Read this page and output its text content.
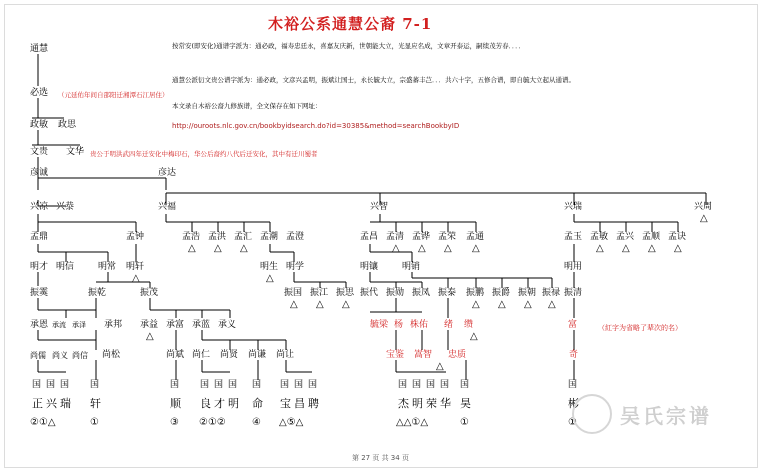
木裕公系通慧公裔 7-1
按常安(即安化)通谱字派为：通必政，福寿忠廷永，喜嘉友庆新，世朝能大立，光显应名成，文章开泰运，嗣续茂芳春．．．．
通慧公派衍文贵公谱字派为：通必政，文彦兴孟明，振斌让国士，永长毓大立，宗盛蕃丰芑．．．共六十字，五修合谱，即自毓大立起从通谱。
本文录自木裕公裔九修族谱，全文保存在如下网址：
http://ouroots.nlc.gov.cn/bookbyidsearch.do?id=30385&method=searchBookbyID
（元延佑年间自邵阳迁湘潭石江居住）
贵公于明洪武四年迁安化中梅印石，华公后裔约八代后迁安化，其中有迁川蜀者
（紅字为省略了辈次的名）
通慧
必选
政敏 政思
文贵 文华
彦诚	彦达
兴凉 兴㳟	兴福	兴智	兴瑞	兴周
△
孟鼎	孟钟	孟浩 孟洪 孟汇 孟潮 孟澄	孟昌 孟清 孟铧 孟荣 孟通	孟玉 孟敏 孟兴 孟顺 孟诀
△ △ △	△ △ △ △	△ △ △ △
明才 明信	明常 明轩	明生 明学	明镶	明销	明用
△	△
振霙	振乾	振茂	振国 振江 振思 振代 振勋 振凤 振泰 振鹏 振爵 振朝 振禄 振清
△ △ △	△ △ △ △
承恩 承流 承泽 承邦 承益 承富 承蓝 承义	毓梁 杨 株佑 绪 缵	富
△	△
尚儒 尚义 尚信 尚松	尚斌 尚仁 尚贤 尚谦 尚让	宝鉴 嵩智 忠质	奇
△
国 国 国 国	国 国 国 国 国 国 国 国	国 国 国 国 国	国
正 兴 瑞 轩	顺 良 才 明 命 宝 昌 聘	杰 明 荣 华 昊	彬
②①△	①	③ ②①②	④ △⑤△	△△①△	①	①
第 27 页 共 34 页
吴氏宗谱
